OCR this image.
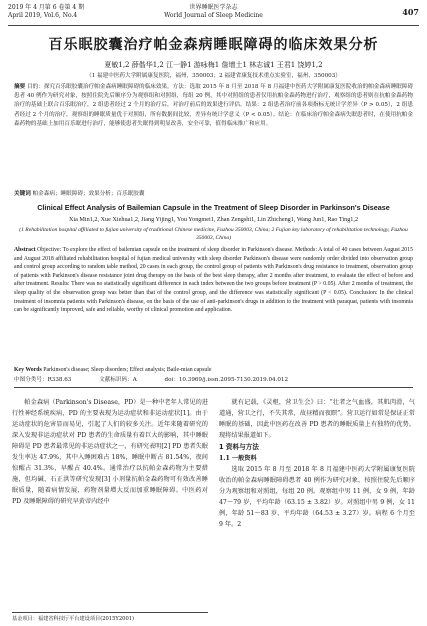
2019 年 4 月第 6 卷第 4 期
April 2019, Vol.6, No.4
世界睡眠医学杂志
World Journal of Sleep Medicine	407
百乐眠胶囊治疗帕金森病睡眠障碍的临床效果分析
夏敏1,2 薛偕华1,2 江一静1 游咏梅1 詹增土1 林志诚1 王君1 饶婷1,2
（1 福建中医药大学附属康复医院，福州，350003；2 福建省康复技术重点实验室，福州，350003）
摘要 目的：探究百乐眠胶囊治疗帕金森病睡眠障碍的临床效果。方法：选取 2015 年 8 月至 2018 年 8 月福建中医药大学附属康复医院收治的帕金森病睡眠障碍患者 40 例作为研究对象，按照住院先后顺序分为观察组和对照组，每组 20 例，其中对照组的患者仅用抗帕金森药物进行治疗，观察组的患者则在抗帕金森药物治疗的基础上联合百乐眠治疗，2 组患者经过 2 个月的治疗后，对治疗前后的效果进行评估。结果：2 组患者治疗前各项指标无统计学差异（P > 0.05），2 组患者经过 2 个月的治疗，观察组的睡眠质量优于对照组，所有数据间比较，差异有统计学意义（P < 0.05）。结论：在临床治疗帕金森病失眠患者时，在使用抗帕金森药物的基础上加用百乐眠进行治疗，能够使患者失眠得到明显改善，安全可靠，值得临床推广和应用。
关键词 帕金森病；睡眠障碍；效果分析；百乐眠胶囊
Clinical Effect Analysis of Bailemian Capsule in the Treatment of Sleep Disorder in Parkinson's Disease
Xia Min1,2, Xue Xiehua1,2, Jiang Yijing1, You Yongmei1, Zhan Zengshi1, Lin Zhicheng1, Wang Jun1, Rao Ting1,2
(1 Rehabilitation hospital affiliated to fujian university of traditional Chinese medicine, Fuzhou 350003, China; 2 Fujian key laboratory of rehabilitation technology, Fuzhou 350003, China)
Abstract Objective: To explore the effect of bailemian capsule on the treatment of sleep disorder in Parkinson's disease. Methods: A total of 40 cases between August 2015 and August 2018 affiliated rehabilitation hospital of fujian medical university with sleep disorder Parkinson's disease were randomly order divided into observation group and control group according to random table method, 20 cases in each group, the control group of patients with Parkinson's drug resistance to treatment, observation group of patients with Parkinson's disease resistance joint drug therapy on the basis of the best sleep therapy, after 2 months after treatment, to evaluate the effect of before and after treatment. Results: There was no statistically significant difference in each index between the two groups before treatment (P > 0.05). After 2 months of treatment, the sleep quality of the observation group was better than that of the control group, and the difference was statistically significant (P < 0.05). Conclusion: In the clinical treatment of insomnia patients with Parkinson's disease, on the basis of the use of anti-parkinson's drugs in addition to the treatment with paraquat, patients with insomnia can be significantly improved, safe and reliable, worthy of clinical promotion and application.
Key Words Parkinson's disease; Sleep disorders; Effect analysis; Baile-mian capsule
中图分类号：R338.63	文献标识码：A	doi：10.3969/j.issn.2095-7130.2019.04.012

帕金森病（Parkinson's Disease，PD）是一种中老年人常见的进行性神经系统疾病，PD 的主要表现为运动症状和非运动症状[1]。由于运动症状的危害显而易见，引起了人们的较多关注。近年来随着研究的深入发现非运动症状对 PD 患者的生命质量有着巨大的影响，其中睡眠障碍是 PD 患者最常见的非运动症状之一，有研究表明[2] PD 患者失眠发生率达 47.9%，其中入睡困难占 18%，睡眠中断占 81.54%，夜间惊醒占 31.3%，早醒占 40.4%。通常治疗以抗帕金森药物为主要措施，但均碱、石正洪等研究发现[3] 小剂量抗帕金森药物可有效改善睡眠质量，随着病情发展，药物剂量增大反而加重睡眠障碍。中医药对 PD 及睡眠障碍的研究早黄帝内经中

就有记载，《灵枢，营卫生会》曰：“壮者之气血盛，其肌肉滑，气道通，营卫之行，不失其常，故昼精而夜瞑”。营卫运行如常是保证正常睡眠的基础，因此中医药在改善 PD 患者的睡眠质量上有独特的优势。现将结果报道如下。

1 资料与方法
1.1 一般资料

选取 2015 年 8 月至 2018 年 8 月福建中医药大学附属康复医院收治的帕金森病睡眠障碍患者 40 例作为研究对象，按照住院先后顺序分为观察组和对照组，每组 20 例。观察组中男 11 例，女 9 例，年龄 47～79 岁，平均年龄（63.15 ± 3.82）岁。对照组中男 9 例，女 11 例，年龄 51～83 岁，平均年龄（64.53 ± 3.27）岁。病程 6 个月至 9 年。2

基金项目：福建省科技厅平台建设项目(2015Y2001)
